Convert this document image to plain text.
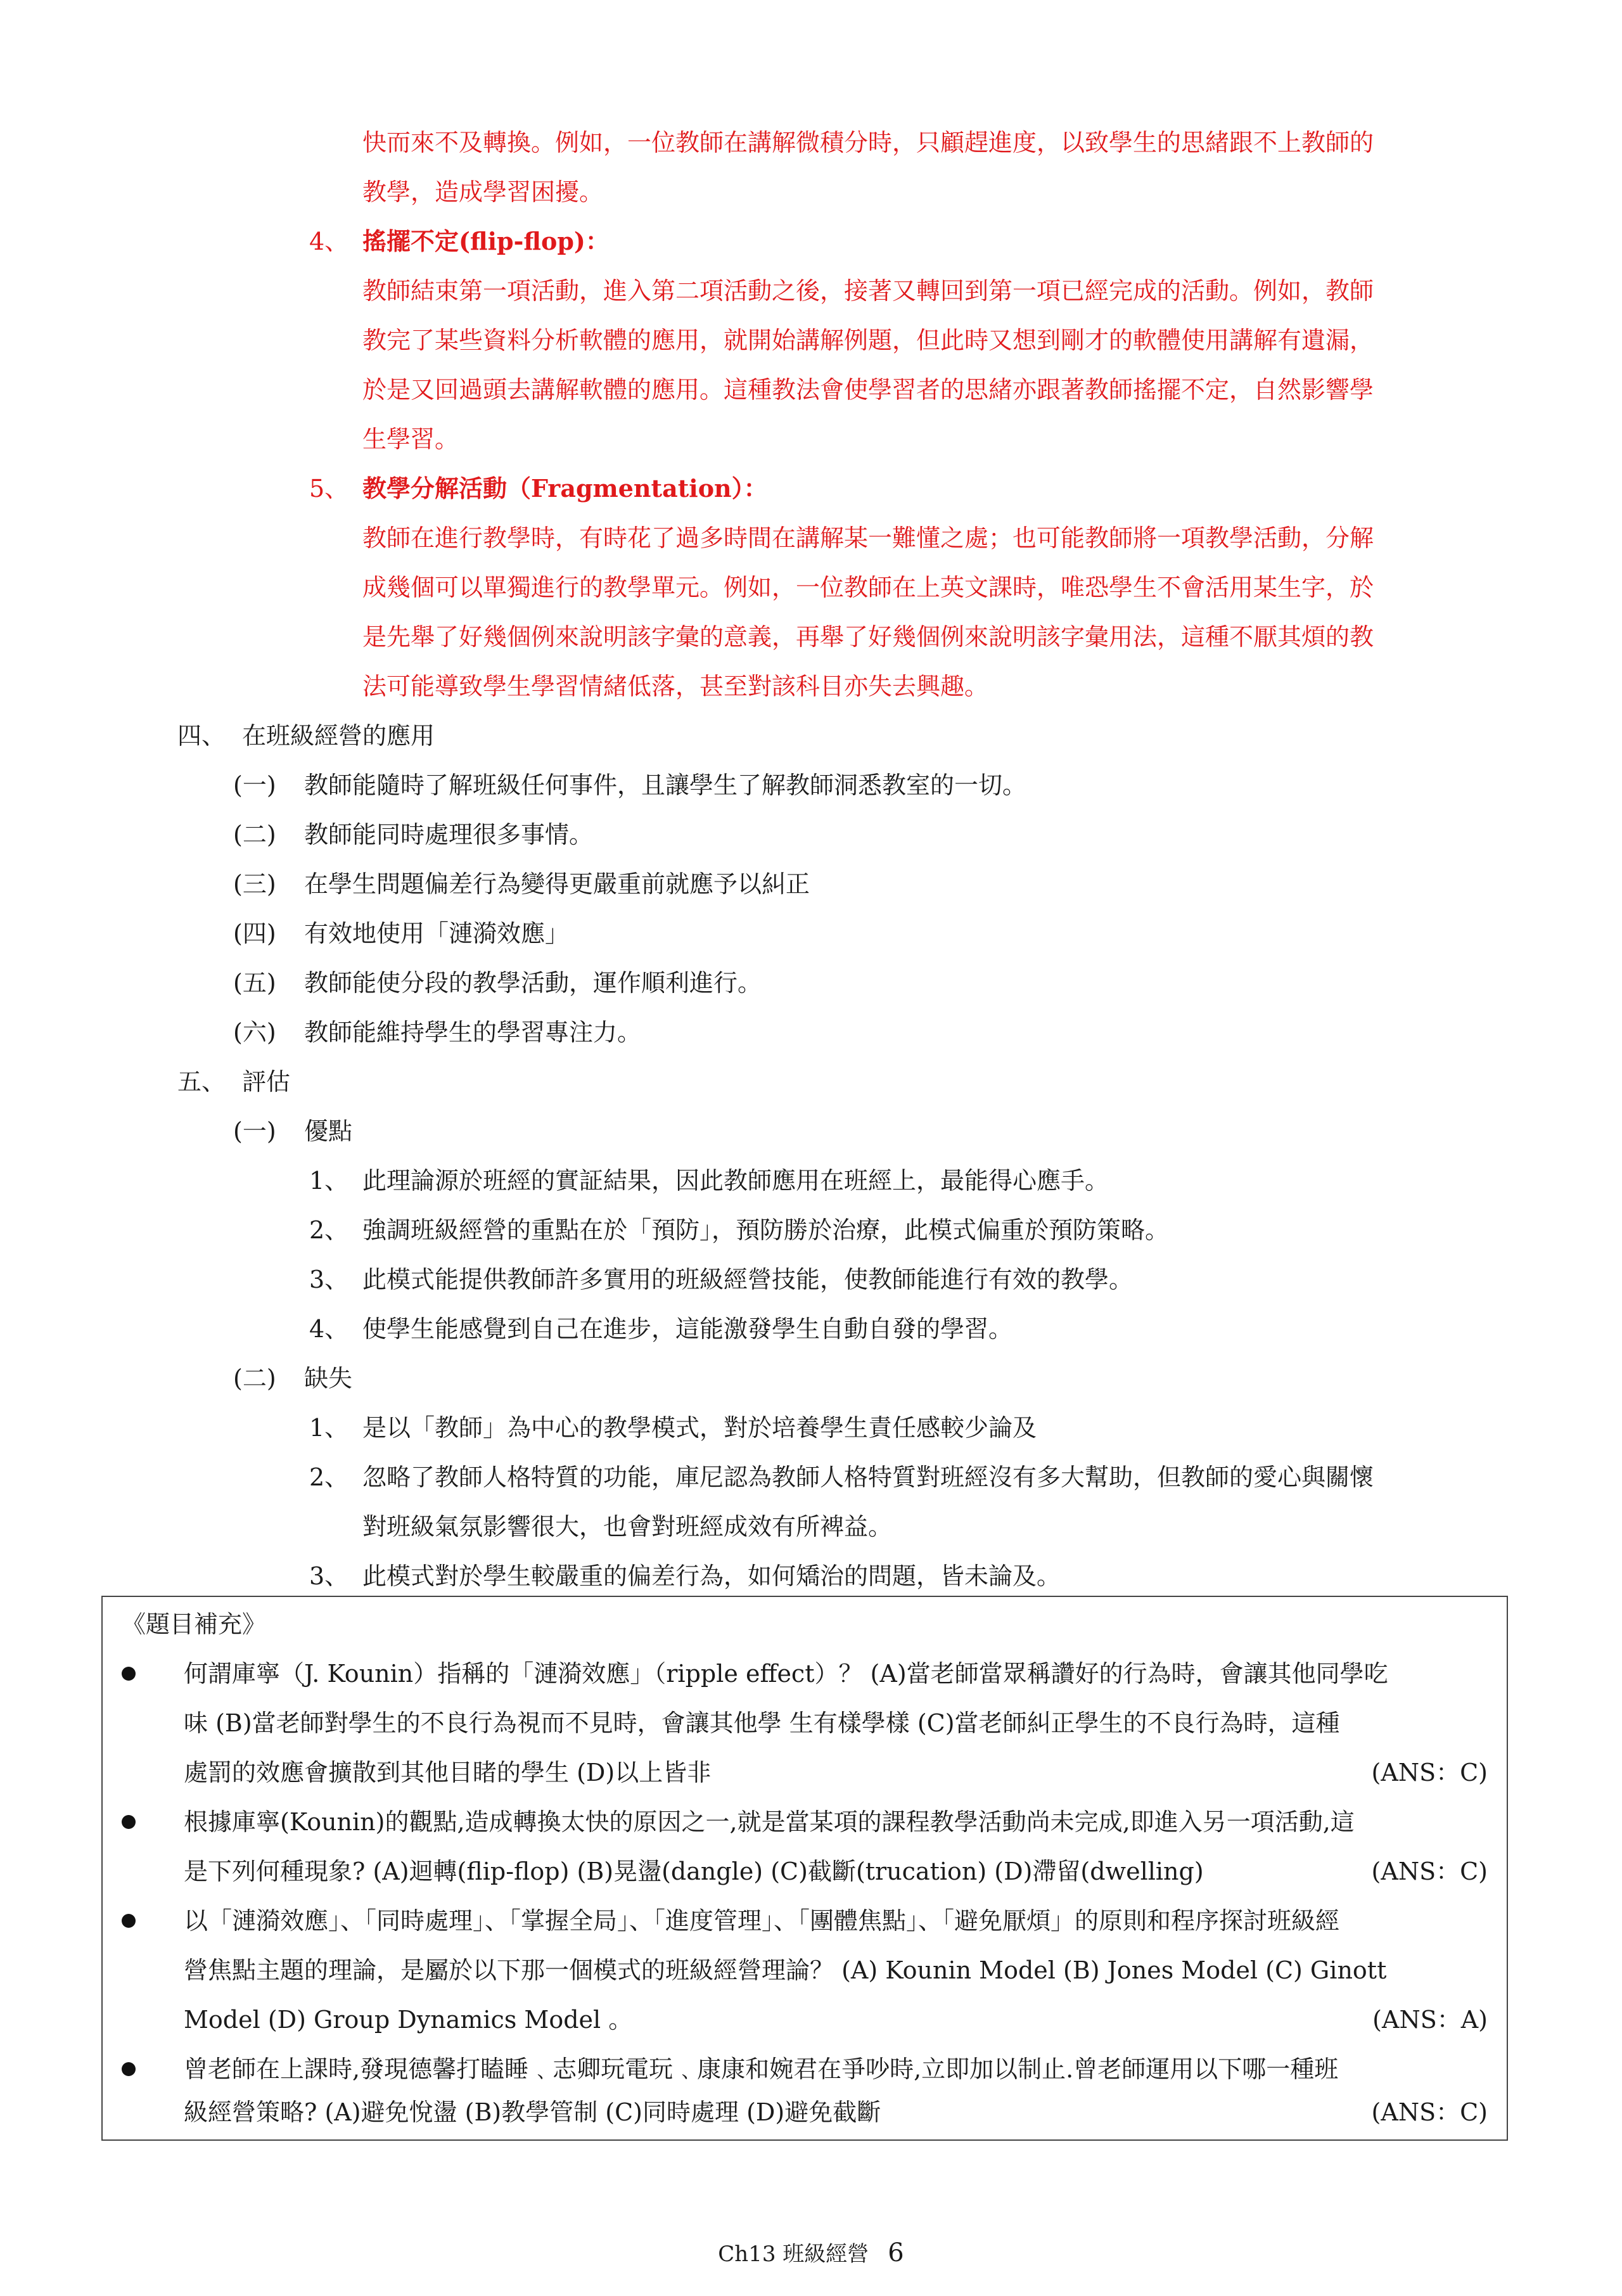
快而來不及轉換。例如，一位教師在講解微積分時，只顧趕進度，以致學生的思緒跟不上教師的
教學，造成學習困擾。
4、 搖擺不定(flip-flop)：
教師結束第一項活動，進入第二項活動之後，接著又轉回到第一項已經完成的活動。例如，教師
教完了某些資料分析軟體的應用，就開始講解例題，但此時又想到剛才的軟體使用講解有遺漏，
於是又回過頭去講解軟體的應用。這種教法會使學習者的思緒亦跟著教師搖擺不定，自然影響學
生學習。
5、 教學分解活動（Fragmentation）：
教師在進行教學時，有時花了過多時間在講解某一難懂之處；也可能教師將一項教學活動，分解
成幾個可以單獨進行的教學單元。例如，一位教師在上英文課時，唯恐學生不會活用某生字，於
是先舉了好幾個例來說明該字彙的意義，再舉了好幾個例來說明該字彙用法，這種不厭其煩的教
法可能導致學生學習情緒低落，甚至對該科目亦失去興趣。
四、 在班級經營的應用
(一) 教師能隨時了解班級任何事件，且讓學生了解教師洞悉教室的一切。
(二) 教師能同時處理很多事情。
(三) 在學生問題偏差行為變得更嚴重前就應予以糾正
(四) 有效地使用「漣漪效應」
(五) 教師能使分段的教學活動，運作順利進行。
(六) 教師能維持學生的學習專注力。
五、 評估
(一) 優點
1、 此理論源於班經的實証結果，因此教師應用在班經上，最能得心應手。
2、 強調班級經營的重點在於「預防」，預防勝於治療，此模式偏重於預防策略。
3、 此模式能提供教師許多實用的班級經營技能，使教師能進行有效的教學。
4、 使學生能感覺到自己在進步，這能激發學生自動自發的學習。
(二) 缺失
1、 是以「教師」為中心的教學模式，對於培養學生責任感較少論及
2、 忽略了教師人格特質的功能，庫尼認為教師人格特質對班經沒有多大幫助，但教師的愛心與關懷
對班級氣氛影響很大，也會對班經成效有所裨益。
3、 此模式對於學生較嚴重的偏差行為，如何矯治的問題，皆未論及。
《題目補充》
何謂庫寧（J. Kounin）指稱的「漣漪效應」（ripple effect）？ (A)當老師當眾稱讚好的行為時，會讓其他同學吃
味 (B)當老師對學生的不良行為視而不見時，會讓其他學 生有樣學樣 (C)當老師糾正學生的不良行為時，這種
處罰的效應會擴散到其他目睹的學生 (D)以上皆非	(ANS：C)
根據庫寧(Kounin)的觀點,造成轉換太快的原因之一,就是當某項的課程教學活動尚未完成,即進入另一項活動,這
是下列何種現象? (A)迴轉(flip-flop) (B)晃盪(dangle) (C)截斷(trucation) (D)滯留(dwelling)	(ANS：C)
以「漣漪效應」、「同時處理」、「掌握全局」、「進度管理」、「團體焦點」、「避免厭煩」的原則和程序探討班級經
營焦點主題的理論，是屬於以下那一個模式的班級經營理論？ (A) Kounin Model (B) Jones Model (C) Ginott
Model (D) Group Dynamics Model 。	(ANS：A)
曾老師在上課時,發現德馨打瞌睡﹑志卿玩電玩﹑康康和婉君在爭吵時,立即加以制止.曾老師運用以下哪一種班
級經營策略? (A)避免悅盪 (B)教學管制 (C)同時處理 (D)避免截斷	(ANS：C)
Ch13 班級經營 6
